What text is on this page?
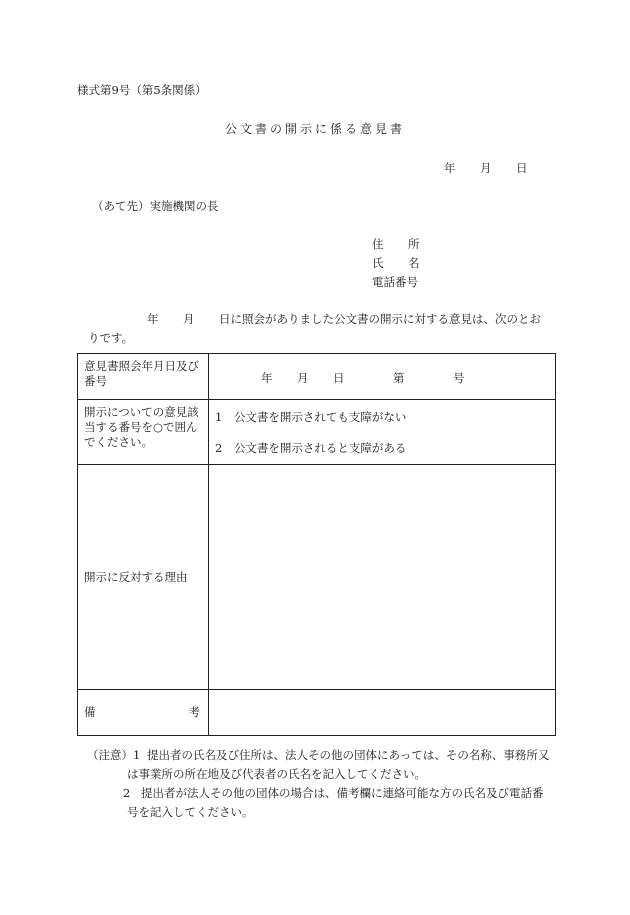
様式第9号（第5条関係）
公文書の開示に係る意見書
年 月 日
（あて先）実施機関の長
住 所
氏 名
電話番号
年 月 日に照会がありました公文書の開示に対する意見は、次のとお
りです。
意見書照会年月日及び番号	年 月 日 第 号

開示についての意見該当する番号を○で囲んでください。	1　公文書を開示されても支障がない
2　公文書を開示されると支障がある

開示に反対する理由	
備 考	

（注意） 1 提出者の氏名及び住所は、法人その他の団体にあっては、その名称、事務所又
は事業所の所在地及び代表者の氏名を記入してください。
2 提出者が法人その他の団体の場合は、備考欄に連絡可能な方の氏名及び電話番
号を記入してください。
